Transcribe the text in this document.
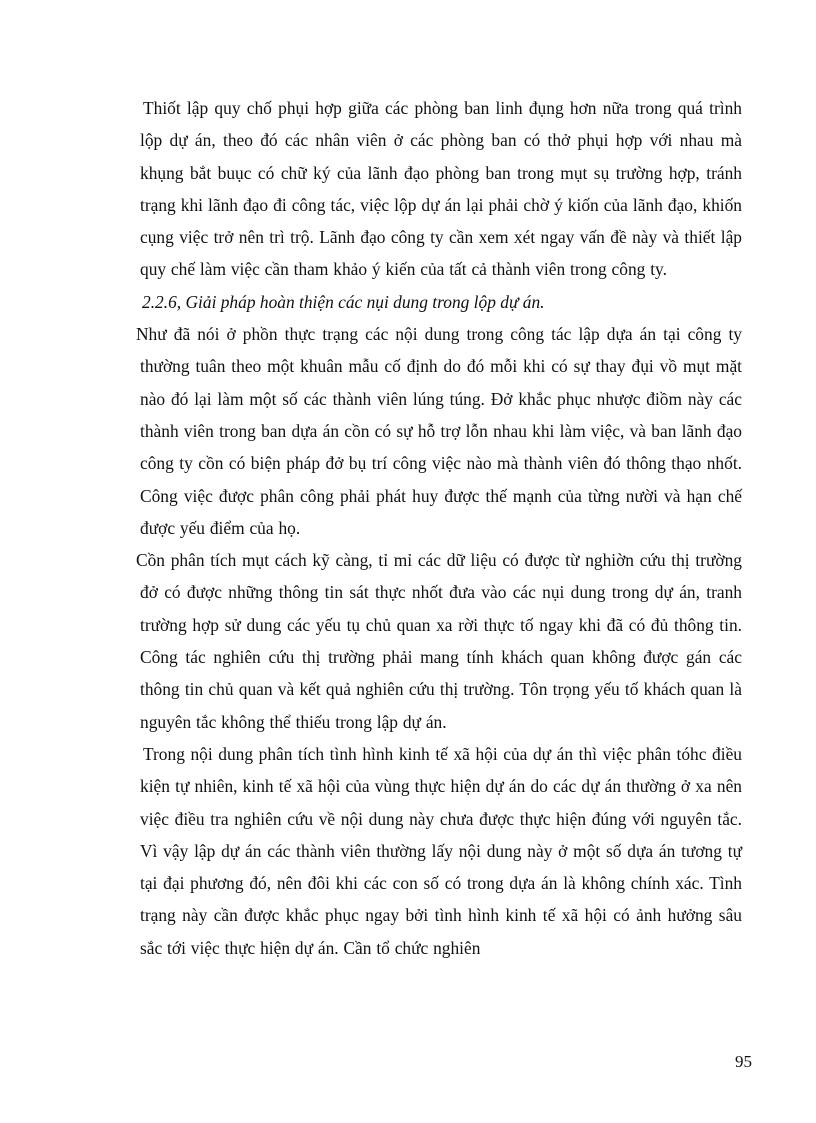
Thiốt lập quy chố phụi hợp giữa các phòng ban linh đụng hơn nữa trong quá trình lộp dự án, theo đó các nhân viên ở các phòng ban có thở phụi hợp với nhau mà khụng bắt buục có chữ ký của lãnh đạo phòng ban trong mụt sụ trường hợp, tránh trạng khi lãnh đạo đi công tác, việc lộp dự án lại phải chờ ý kiốn của lãnh đạo, khiốn cụng việc trở nên trì trộ. Lãnh đạo công ty cần xem xét ngay vấn đề này và thiết lập quy chế làm việc cần tham khảo ý kiến của tất cả thành viên trong công ty.

2.2.6, Giải pháp hoàn thiện các nụi dung trong lộp dự án.

Như đã nói ở phồn thực trạng các nội dung trong công tác lập dựa án tại công ty thường tuân theo một khuân mẫu cố định do đó mỗi khi có sự thay đụi vồ mụt mặt nào đó lại làm một số các thành viên lúng túng. Đở khắc phục nhược điồm này các thành viên trong ban dựa án cồn có sự hỗ trợ lỗn nhau khi làm việc, và ban lãnh đạo công ty cồn có biện pháp đở bụ trí công việc nào mà thành viên đó thông thạo nhốt. Công việc được phân công phải phát huy được thế mạnh của từng nười và hạn chế được yếu điểm của họ.

Cồn phân tích mụt cách kỹ càng, tỉ mỉ các dữ liệu có được từ nghiờn cứu thị trường đở có được những thông tin sát thực nhốt đưa vào các nụi dung trong dự án, tranh trường hợp sử dung các yếu tụ chủ quan xa rời thực tố ngay khi đã có đủ thông tin. Công tác nghiên cứu thị trường phải mang tính khách quan không được gán các thông tin chủ quan và kết quả nghiên cứu thị trường. Tôn trọng yếu tố khách quan là nguyên tắc không thể thiếu trong lập dự án.

Trong nội dung phân tích tình hình kinh tế xã hội của dự án thì việc phân tóhc điều kiện tự nhiên, kinh tế xã hội của vùng thực hiện dự án do các dự án thường ở xa nên việc điều tra nghiên cứu về nội dung này chưa được thực hiện đúng với nguyên tắc. Vì vậy lập dự án các thành viên thường lấy nội dung này ở một số dựa án tương tự tại đại phương đó, nên đôi khi các con số có trong dựa án là không chính xác. Tình trạng này cần được khắc phục ngay bởi tình hình kinh tế xã hội có ảnh hưởng sâu sắc tới việc thực hiện dự án. Cần tổ chức nghiên

95
